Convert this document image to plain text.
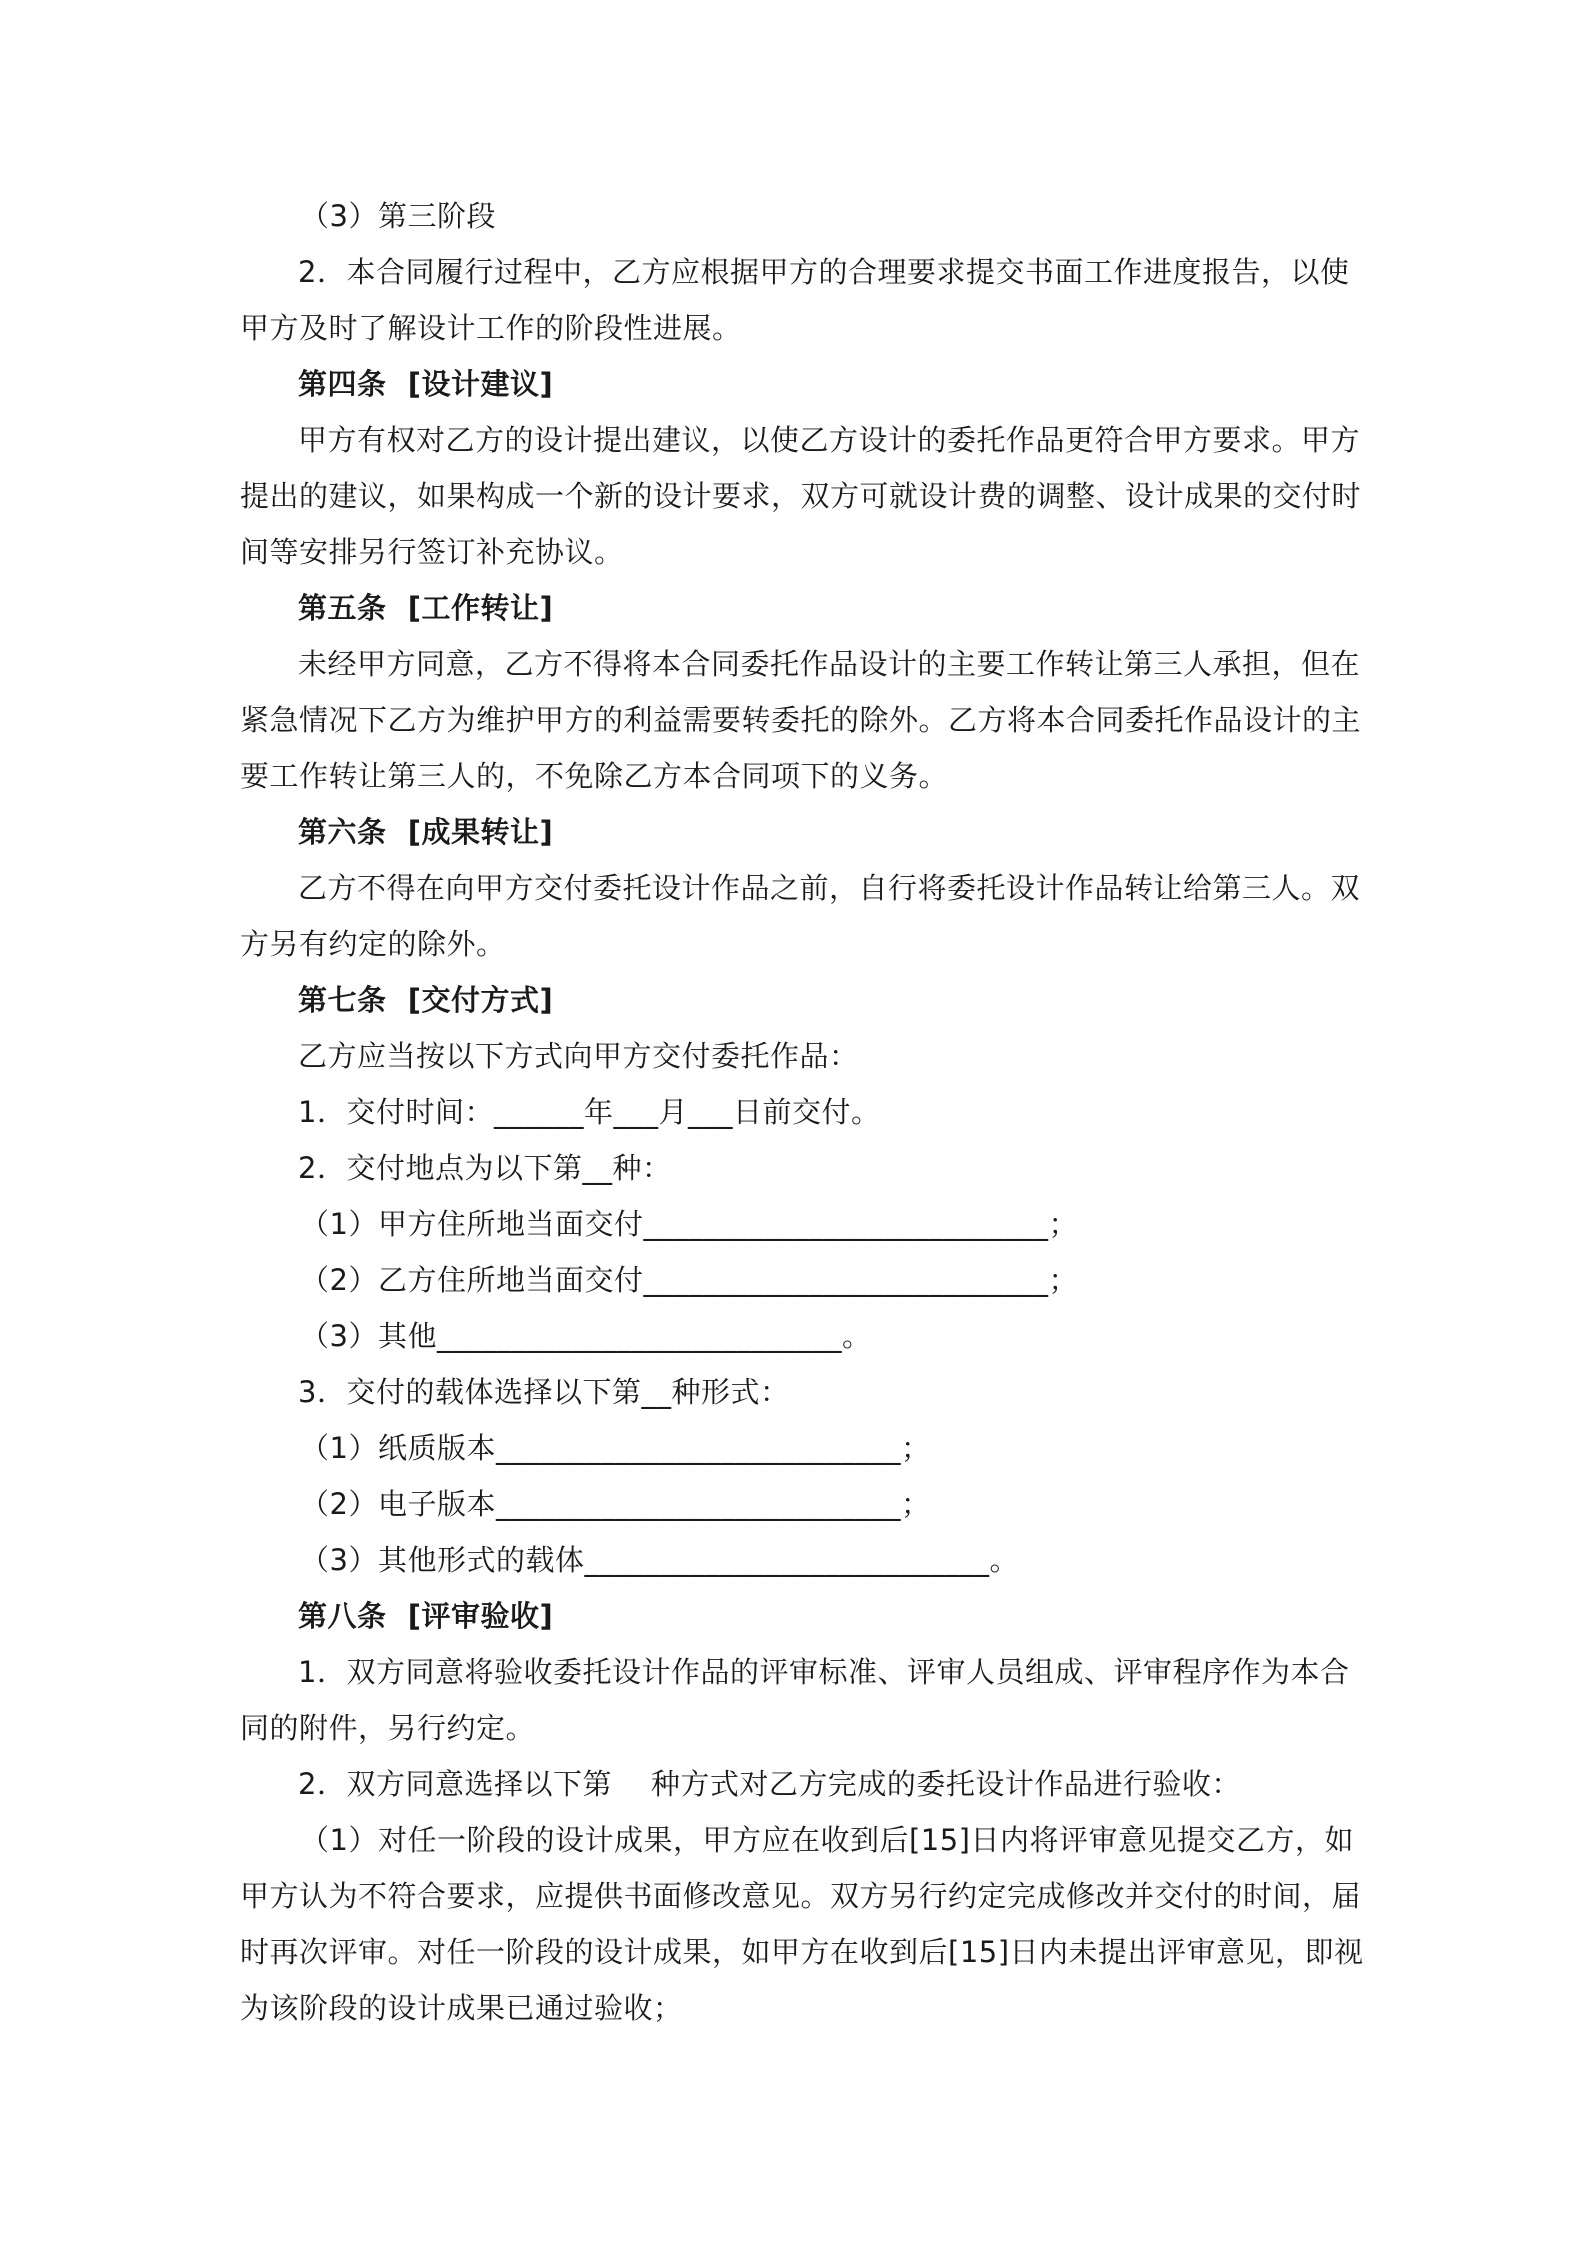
（3）第三阶段
2．本合同履行过程中，乙方应根据甲方的合理要求提交书面工作进度报告，以使
甲方及时了解设计工作的阶段性进展。
第四条  [设计建议]
甲方有权对乙方的设计提出建议，以使乙方设计的委托作品更符合甲方要求。甲方
提出的建议，如果构成一个新的设计要求，双方可就设计费的调整、设计成果的交付时
间等安排另行签订补充协议。
第五条  [工作转让]
未经甲方同意，乙方不得将本合同委托作品设计的主要工作转让第三人承担，但在
紧急情况下乙方为维护甲方的利益需要转委托的除外。乙方将本合同委托作品设计的主
要工作转让第三人的，不免除乙方本合同项下的义务。
第六条  [成果转让]
乙方不得在向甲方交付委托设计作品之前，自行将委托设计作品转让给第三人。双
方另有约定的除外。
第七条  [交付方式]
乙方应当按以下方式向甲方交付委托作品：
1．交付时间：______年___月___日前交付。
2．交付地点为以下第__种：
（1）甲方住所地当面交付___________________________；
（2）乙方住所地当面交付___________________________；
（3）其他___________________________。
3．交付的载体选择以下第__种形式：
（1）纸质版本___________________________；
（2）电子版本___________________________；
（3）其他形式的载体___________________________。
第八条  [评审验收]
1．双方同意将验收委托设计作品的评审标准、评审人员组成、评审程序作为本合
同的附件，另行约定。
2．双方同意选择以下第    种方式对乙方完成的委托设计作品进行验收：
（1）对任一阶段的设计成果，甲方应在收到后[15]日内将评审意见提交乙方，如
甲方认为不符合要求，应提供书面修改意见。双方另行约定完成修改并交付的时间，届
时再次评审。对任一阶段的设计成果，如甲方在收到后[15]日内未提出评审意见，即视
为该阶段的设计成果已通过验收；
